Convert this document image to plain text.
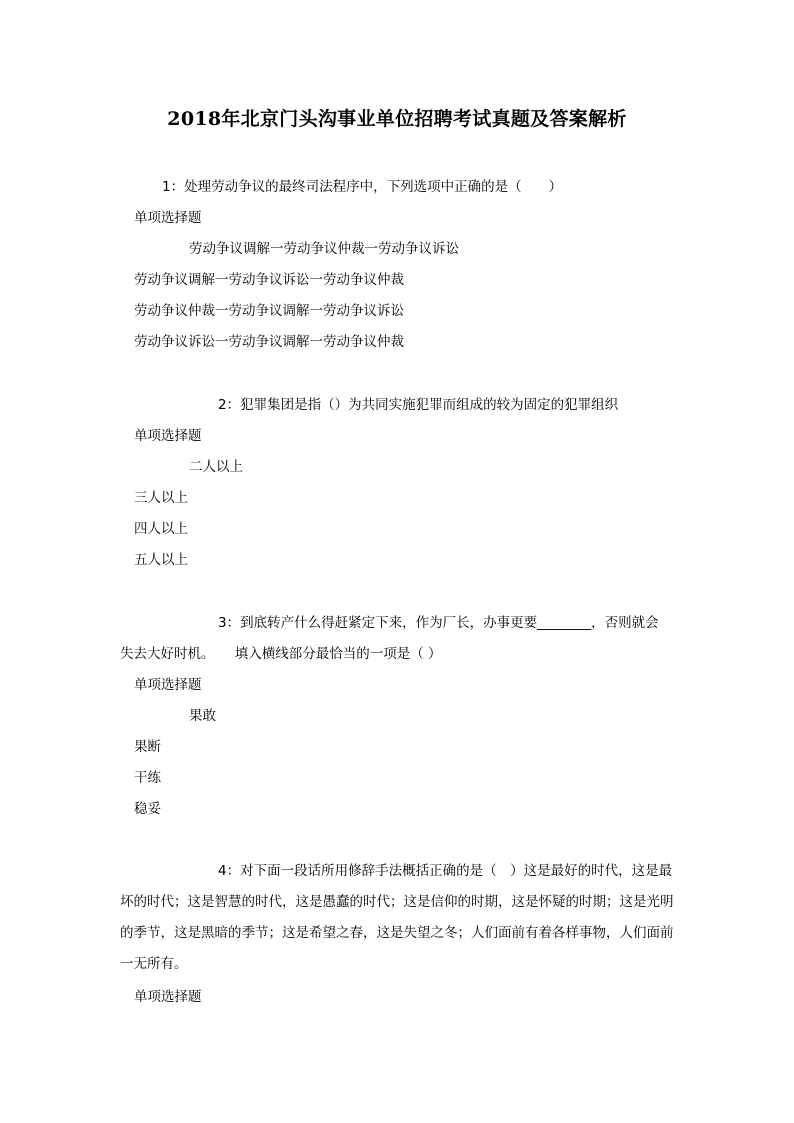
2018年北京门头沟事业单位招聘考试真题及答案解析
1：处理劳动争议的最终司法程序中，下列选项中正确的是（　　）
单项选择题
劳动争议调解一劳动争议仲裁一劳动争议诉讼
劳动争议调解一劳动争议诉讼一劳动争议仲裁
劳动争议仲裁一劳动争议调解一劳动争议诉讼
劳动争议诉讼一劳动争议调解一劳动争议仲裁
2：犯罪集团是指（）为共同实施犯罪而组成的较为固定的犯罪组织
单项选择题
二人以上
三人以上
四人以上
五人以上
3：到底转产什么得赶紧定下来，作为厂长，办事更要________，否则就会
失去大好时机。　　填入横线部分最恰当的一项是（ ）
单项选择题
果敢
果断
干练
稳妥
4：对下面一段话所用修辞手法概括正确的是（　）这是最好的时代，这是最坏的时代；这是智慧的时代，这是愚蠢的时代；这是信仰的时期，这是怀疑的时期；这是光明的季节，这是黑暗的季节；这是希望之春，这是失望之冬；人们面前有着各样事物，人们面前一无所有。
单项选择题
